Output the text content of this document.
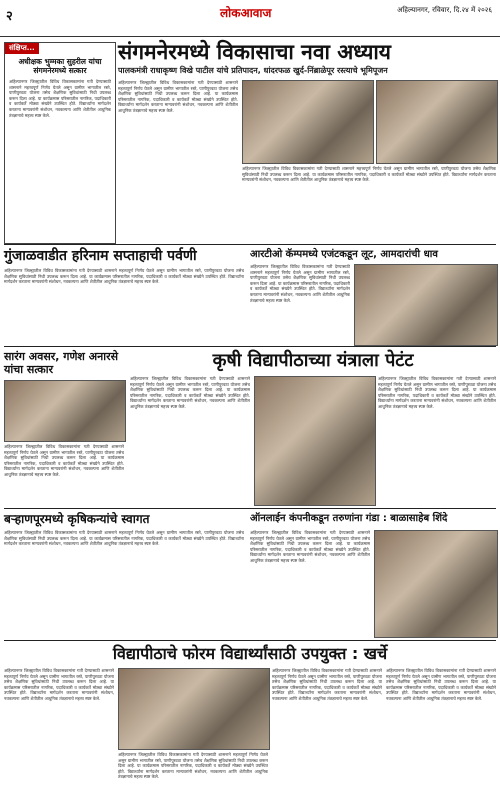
२	लोकआवाज	अहिल्यानगर, रविवार, दि.२४ में २०२६
संक्षिप्त...
अधीक्षक भुम्मका सुहरील यांचा संगमनेरमध्ये सत्कार
अहिल्यानगर जिल्ह्यातील विविध विकासकामांना गती देण्यासाठी शासनाने महत्त्वपूर्ण निर्णय घेतले असून ग्रामीण भागातील रस्ते, पाणीपुरवठा योजना तसेच शैक्षणिक सुविधांसाठी निधी उपलब्ध करून दिला आहे. या कार्यक्रमास परिसरातील नागरिक, पदाधिकारी व कार्यकर्ते मोठ्या संख्येने उपस्थित होते. विद्यार्थ्यांना मार्गदर्शन करताना मान्यवरांनी संशोधन, नवकल्पना आणि शेतीतील आधुनिक तंत्रज्ञानाचे महत्त्व स्पष्ट केले.
संगमनेरमध्ये विकासाचा नवा अध्याय
पालकमंत्री राधाकृष्ण विखे पाटील यांचे प्रतिपादन, धांदरफळ खुर्द-निंब्राळेपूर रस्त्याचे भूमिपूजन
अहिल्यानगर जिल्ह्यातील विविध विकासकामांना गती देण्यासाठी शासनाने महत्त्वपूर्ण निर्णय घेतले असून ग्रामीण भागातील रस्ते, पाणीपुरवठा योजना तसेच शैक्षणिक सुविधांसाठी निधी उपलब्ध करून दिला आहे. या कार्यक्रमास परिसरातील नागरिक, पदाधिकारी व कार्यकर्ते मोठ्या संख्येने उपस्थित होते. विद्यार्थ्यांना मार्गदर्शन करताना मान्यवरांनी संशोधन, नवकल्पना आणि शेतीतील आधुनिक तंत्रज्ञानाचे महत्त्व स्पष्ट केले.
अहिल्यानगर जिल्ह्यातील विविध विकासकामांना गती देण्यासाठी शासनाने महत्त्वपूर्ण निर्णय घेतले असून ग्रामीण भागातील रस्ते, पाणीपुरवठा योजना तसेच शैक्षणिक सुविधांसाठी निधी उपलब्ध करून दिला आहे. या कार्यक्रमास परिसरातील नागरिक, पदाधिकारी व कार्यकर्ते मोठ्या संख्येने उपस्थित होते. विद्यार्थ्यांना मार्गदर्शन करताना मान्यवरांनी संशोधन, नवकल्पना आणि शेतीतील आधुनिक तंत्रज्ञानाचे महत्त्व स्पष्ट केले.
गुंजाळवाडीत हरिनाम सप्ताहाची पर्वणी
अहिल्यानगर जिल्ह्यातील विविध विकासकामांना गती देण्यासाठी शासनाने महत्त्वपूर्ण निर्णय घेतले असून ग्रामीण भागातील रस्ते, पाणीपुरवठा योजना तसेच शैक्षणिक सुविधांसाठी निधी उपलब्ध करून दिला आहे. या कार्यक्रमास परिसरातील नागरिक, पदाधिकारी व कार्यकर्ते मोठ्या संख्येने उपस्थित होते. विद्यार्थ्यांना मार्गदर्शन करताना मान्यवरांनी संशोधन, नवकल्पना आणि शेतीतील आधुनिक तंत्रज्ञानाचे महत्त्व स्पष्ट केले.
आरटीओ कॅम्पमध्ये एजंटकडून लूट, आमदारांची धाव
अहिल्यानगर जिल्ह्यातील विविध विकासकामांना गती देण्यासाठी शासनाने महत्त्वपूर्ण निर्णय घेतले असून ग्रामीण भागातील रस्ते, पाणीपुरवठा योजना तसेच शैक्षणिक सुविधांसाठी निधी उपलब्ध करून दिला आहे. या कार्यक्रमास परिसरातील नागरिक, पदाधिकारी व कार्यकर्ते मोठ्या संख्येने उपस्थित होते. विद्यार्थ्यांना मार्गदर्शन करताना मान्यवरांनी संशोधन, नवकल्पना आणि शेतीतील आधुनिक तंत्रज्ञानाचे महत्त्व स्पष्ट केले.
सारंग अवसर, गणेश अनारसे यांचा सत्कार
अहिल्यानगर जिल्ह्यातील विविध विकासकामांना गती देण्यासाठी शासनाने महत्त्वपूर्ण निर्णय घेतले असून ग्रामीण भागातील रस्ते, पाणीपुरवठा योजना तसेच शैक्षणिक सुविधांसाठी निधी उपलब्ध करून दिला आहे. या कार्यक्रमास परिसरातील नागरिक, पदाधिकारी व कार्यकर्ते मोठ्या संख्येने उपस्थित होते. विद्यार्थ्यांना मार्गदर्शन करताना मान्यवरांनी संशोधन, नवकल्पना आणि शेतीतील आधुनिक तंत्रज्ञानाचे महत्त्व स्पष्ट केले.
कृषी विद्यापीठाच्या यंत्राला पेटंट
अहिल्यानगर जिल्ह्यातील विविध विकासकामांना गती देण्यासाठी शासनाने महत्त्वपूर्ण निर्णय घेतले असून ग्रामीण भागातील रस्ते, पाणीपुरवठा योजना तसेच शैक्षणिक सुविधांसाठी निधी उपलब्ध करून दिला आहे. या कार्यक्रमास परिसरातील नागरिक, पदाधिकारी व कार्यकर्ते मोठ्या संख्येने उपस्थित होते. विद्यार्थ्यांना मार्गदर्शन करताना मान्यवरांनी संशोधन, नवकल्पना आणि शेतीतील आधुनिक तंत्रज्ञानाचे महत्त्व स्पष्ट केले.
अहिल्यानगर जिल्ह्यातील विविध विकासकामांना गती देण्यासाठी शासनाने महत्त्वपूर्ण निर्णय घेतले असून ग्रामीण भागातील रस्ते, पाणीपुरवठा योजना तसेच शैक्षणिक सुविधांसाठी निधी उपलब्ध करून दिला आहे. या कार्यक्रमास परिसरातील नागरिक, पदाधिकारी व कार्यकर्ते मोठ्या संख्येने उपस्थित होते. विद्यार्थ्यांना मार्गदर्शन करताना मान्यवरांनी संशोधन, नवकल्पना आणि शेतीतील आधुनिक तंत्रज्ञानाचे महत्त्व स्पष्ट केले.
बऱ्हाणपूरमध्ये कृषिकन्यांचे स्वागत
अहिल्यानगर जिल्ह्यातील विविध विकासकामांना गती देण्यासाठी शासनाने महत्त्वपूर्ण निर्णय घेतले असून ग्रामीण भागातील रस्ते, पाणीपुरवठा योजना तसेच शैक्षणिक सुविधांसाठी निधी उपलब्ध करून दिला आहे. या कार्यक्रमास परिसरातील नागरिक, पदाधिकारी व कार्यकर्ते मोठ्या संख्येने उपस्थित होते. विद्यार्थ्यांना मार्गदर्शन करताना मान्यवरांनी संशोधन, नवकल्पना आणि शेतीतील आधुनिक तंत्रज्ञानाचे महत्त्व स्पष्ट केले.
ऑनलाईन कंपनीकडून तरुणांना गंडा : बाळासाहेब शिंदे
अहिल्यानगर जिल्ह्यातील विविध विकासकामांना गती देण्यासाठी शासनाने महत्त्वपूर्ण निर्णय घेतले असून ग्रामीण भागातील रस्ते, पाणीपुरवठा योजना तसेच शैक्षणिक सुविधांसाठी निधी उपलब्ध करून दिला आहे. या कार्यक्रमास परिसरातील नागरिक, पदाधिकारी व कार्यकर्ते मोठ्या संख्येने उपस्थित होते. विद्यार्थ्यांना मार्गदर्शन करताना मान्यवरांनी संशोधन, नवकल्पना आणि शेतीतील आधुनिक तंत्रज्ञानाचे महत्त्व स्पष्ट केले.
विद्यापीठाचे फोरम विद्यार्थ्यांसाठी उपयुक्त : खर्चे
अहिल्यानगर जिल्ह्यातील विविध विकासकामांना गती देण्यासाठी शासनाने महत्त्वपूर्ण निर्णय घेतले असून ग्रामीण भागातील रस्ते, पाणीपुरवठा योजना तसेच शैक्षणिक सुविधांसाठी निधी उपलब्ध करून दिला आहे. या कार्यक्रमास परिसरातील नागरिक, पदाधिकारी व कार्यकर्ते मोठ्या संख्येने उपस्थित होते. विद्यार्थ्यांना मार्गदर्शन करताना मान्यवरांनी संशोधन, नवकल्पना आणि शेतीतील आधुनिक तंत्रज्ञानाचे महत्त्व स्पष्ट केले.
अहिल्यानगर जिल्ह्यातील विविध विकासकामांना गती देण्यासाठी शासनाने महत्त्वपूर्ण निर्णय घेतले असून ग्रामीण भागातील रस्ते, पाणीपुरवठा योजना तसेच शैक्षणिक सुविधांसाठी निधी उपलब्ध करून दिला आहे. या कार्यक्रमास परिसरातील नागरिक, पदाधिकारी व कार्यकर्ते मोठ्या संख्येने उपस्थित होते. विद्यार्थ्यांना मार्गदर्शन करताना मान्यवरांनी संशोधन, नवकल्पना आणि शेतीतील आधुनिक तंत्रज्ञानाचे महत्त्व स्पष्ट केले.
अहिल्यानगर जिल्ह्यातील विविध विकासकामांना गती देण्यासाठी शासनाने महत्त्वपूर्ण निर्णय घेतले असून ग्रामीण भागातील रस्ते, पाणीपुरवठा योजना तसेच शैक्षणिक सुविधांसाठी निधी उपलब्ध करून दिला आहे. या कार्यक्रमास परिसरातील नागरिक, पदाधिकारी व कार्यकर्ते मोठ्या संख्येने उपस्थित होते. विद्यार्थ्यांना मार्गदर्शन करताना मान्यवरांनी संशोधन, नवकल्पना आणि शेतीतील आधुनिक तंत्रज्ञानाचे महत्त्व स्पष्ट केले.
अहिल्यानगर जिल्ह्यातील विविध विकासकामांना गती देण्यासाठी शासनाने महत्त्वपूर्ण निर्णय घेतले असून ग्रामीण भागातील रस्ते, पाणीपुरवठा योजना तसेच शैक्षणिक सुविधांसाठी निधी उपलब्ध करून दिला आहे. या कार्यक्रमास परिसरातील नागरिक, पदाधिकारी व कार्यकर्ते मोठ्या संख्येने उपस्थित होते. विद्यार्थ्यांना मार्गदर्शन करताना मान्यवरांनी संशोधन, नवकल्पना आणि शेतीतील आधुनिक तंत्रज्ञानाचे महत्त्व स्पष्ट केले.
